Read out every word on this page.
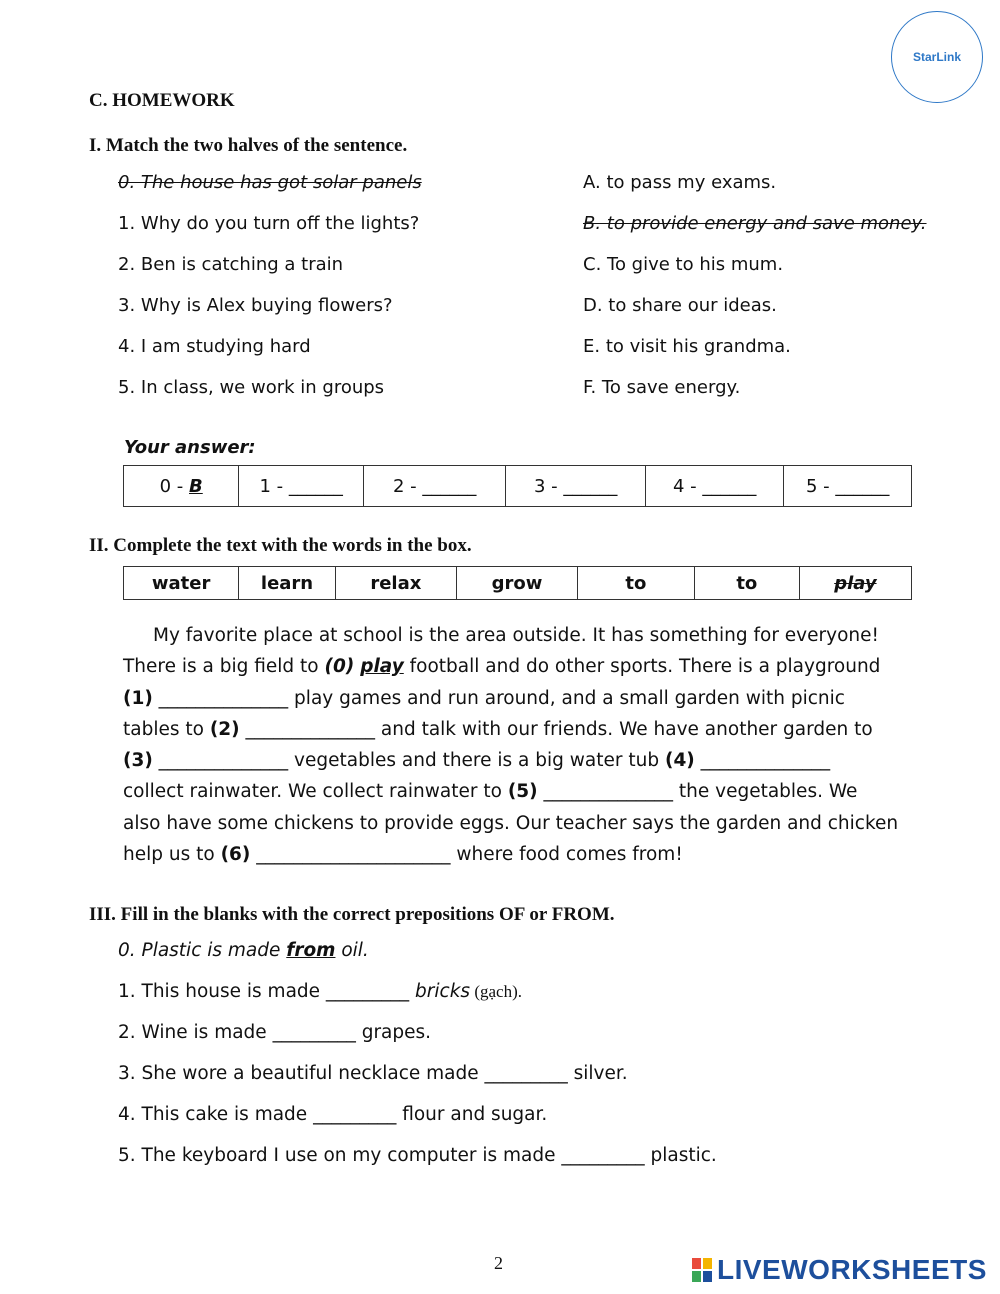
StarLink
C. HOMEWORK
I. Match the two halves of the sentence.
0. The house has got solar panels
1. Why do you turn off the lights?
2. Ben is catching a train
3. Why is Alex buying flowers?
4. I am studying hard
5. In class, we work in groups
A. to pass my exams.
B. to provide energy and save money.
C. To give to his mum.
D. to share our ideas.
E. to visit his grandma.
F. To save energy.
Your answer:
0 - B	1 - ______	2 - ______	3 - ______	4 - ______	5 - ______
II. Complete the text with the words in the box.
water	learn	relax	grow	to	to	play

My favorite place at school is the area outside. It has something for everyone!

There is a big field to (0) play football and do other sports. There is a playground

(1) ______________ play games and run around, and a small garden with picnic

tables to (2) ______________ and talk with our friends. We have another garden to

(3) ______________ vegetables and there is a big water tub (4) ______________

collect rainwater. We collect rainwater to (5) ______________ the vegetables. We

also have some chickens to provide eggs. Our teacher says the garden and chicken

help us to (6) _____________________ where food comes from!

III. Fill in the blanks with the correct prepositions OF or FROM.
0. Plastic is made from oil.
1. This house is made _________ bricks (gạch).
2. Wine is made _________ grapes.
3. She wore a beautiful necklace made _________ silver.
4. This cake is made _________ flour and sugar.
5. The keyboard I use on my computer is made _________ plastic.
2	LIVEWORKSHEETS
